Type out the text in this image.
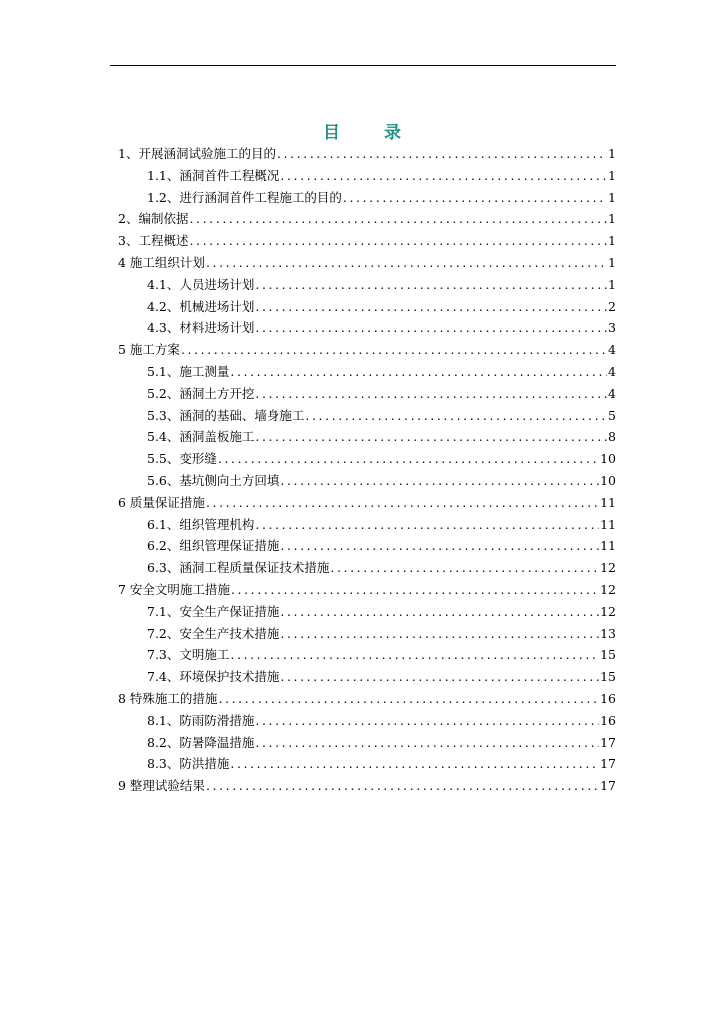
目	录
1、开展涵洞试验施工的目的 .....	1
1.1、涵洞首件工程概况 .....	1
1.2、进行涵洞首件工程施工的目的 .....	1
2、编制依据 .....	1
3、工程概述 .....	1
4 施工组织计划 .....	1
4.1、人员进场计划 .....	1
4.2、机械进场计划 .....	2
4.3、材料进场计划 .....	3
5 施工方案 .....	4
5.1、施工测量 .....	4
5.2、涵洞土方开挖 .....	4
5.3、涵洞的基础、墙身施工 .....	5
5.4、涵洞盖板施工 .....	8
5.5、变形缝 .....	10
5.6、基坑侧向土方回填 .....	10
6 质量保证措施 .....	11
6.1、组织管理机构 .....	11
6.2、组织管理保证措施 .....	11
6.3、涵洞工程质量保证技术措施 .....	12
7 安全文明施工措施 .....	12
7.1、安全生产保证措施 .....	12
7.2、安全生产技术措施 .....	13
7.3、文明施工 .....	15
7.4、环境保护技术措施 .....	15
8 特殊施工的措施 .....	16
8.1、防雨防滑措施 .....	16
8.2、防暑降温措施 .....	17
8.3、防洪措施 .....	17
9 整理试验结果 .....	17
